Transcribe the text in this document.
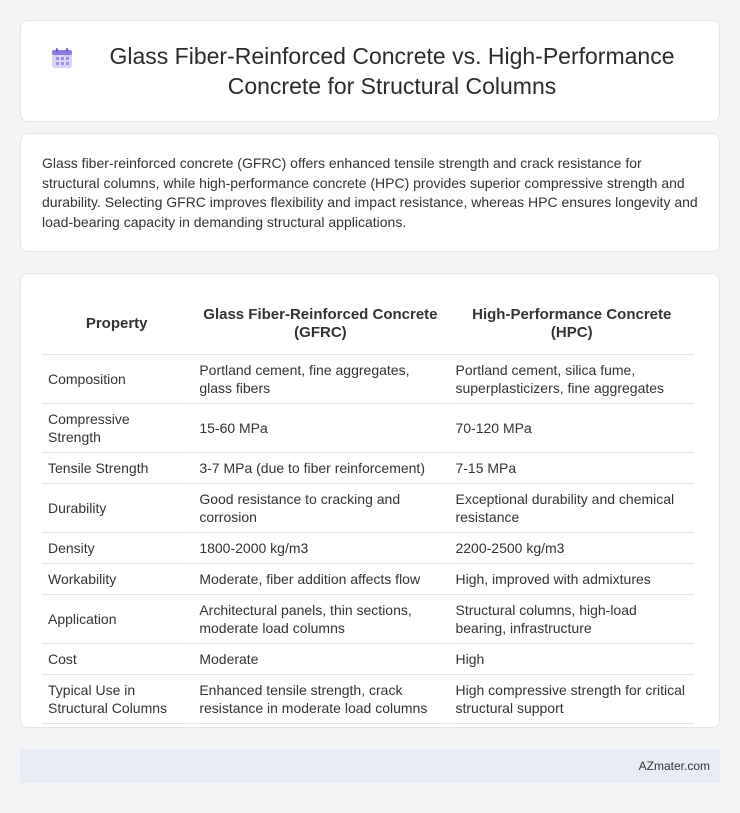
Glass Fiber-Reinforced Concrete vs. High-Performance Concrete for Structural Columns

Glass fiber-reinforced concrete (GFRC) offers enhanced tensile strength and crack resistance for structural columns, while high-performance concrete (HPC) provides superior compressive strength and durability. Selecting GFRC improves flexibility and impact resistance, whereas HPC ensures longevity and load-bearing capacity in demanding structural applications.

Property	Glass Fiber-Reinforced Concrete (GFRC)	High-Performance Concrete (HPC)
Composition	Portland cement, fine aggregates, glass fibers	Portland cement, silica fume, superplasticizers, fine aggregates
Compressive Strength	15-60 MPa	70-120 MPa
Tensile Strength	3-7 MPa (due to fiber reinforcement)	7-15 MPa
Durability	Good resistance to cracking and corrosion	Exceptional durability and chemical resistance
Density	1800-2000 kg/m3	2200-2500 kg/m3
Workability	Moderate, fiber addition affects flow	High, improved with admixtures
Application	Architectural panels, thin sections, moderate load columns	Structural columns, high-load bearing, infrastructure
Cost	Moderate	High
Typical Use in Structural Columns	Enhanced tensile strength, crack resistance in moderate load columns	High compressive strength for critical structural support
AZmater.com
